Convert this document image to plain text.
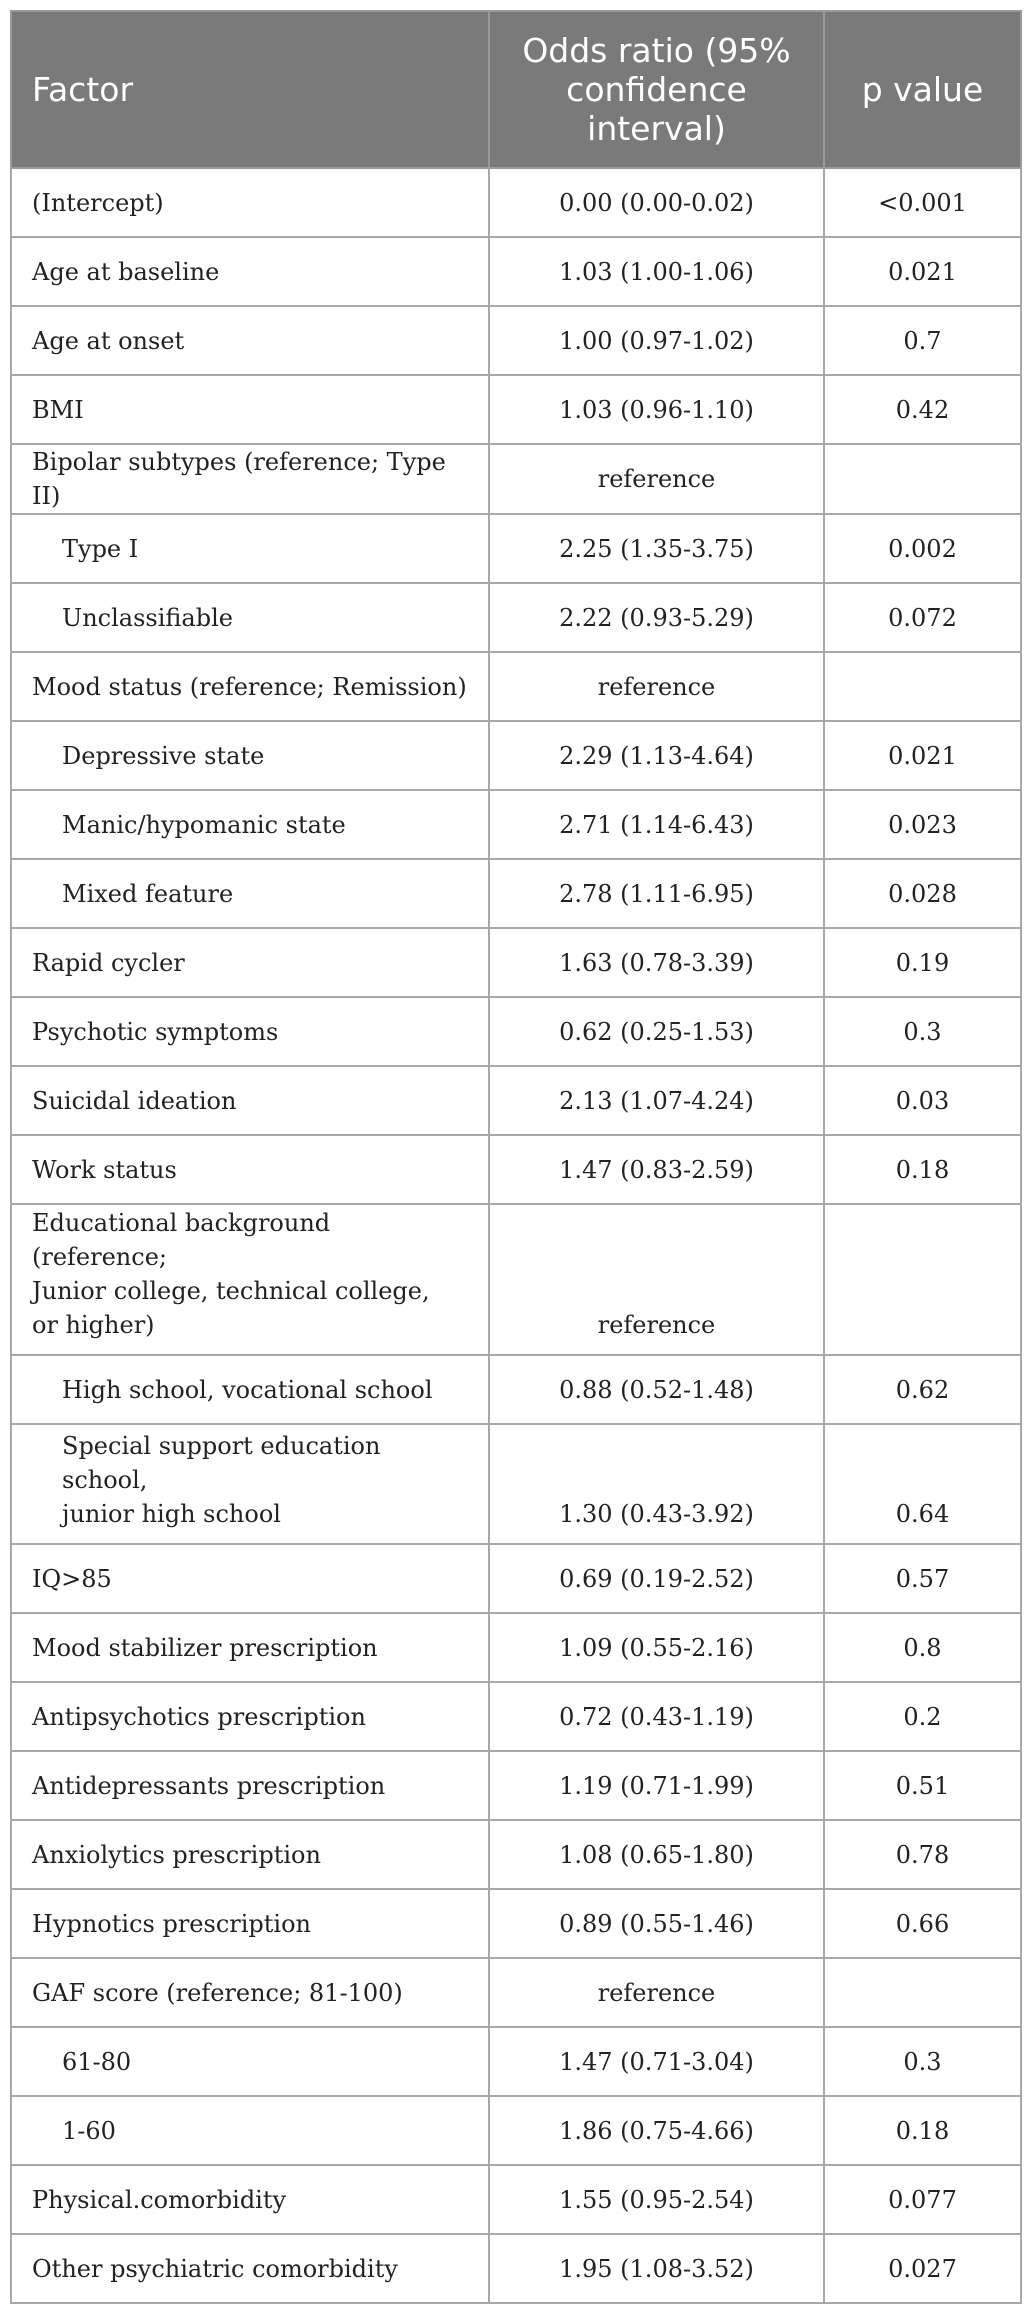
Factor	Odds ratio (95% confidence interval)	p value
(Intercept)	0.00 (0.00-0.02)	<0.001
Age at baseline	1.03 (1.00-1.06)	0.021
Age at onset	1.00 (0.97-1.02)	0.7
BMI	1.03 (0.96-1.10)	0.42
Bipolar subtypes (reference; Type II)	reference	
Type I	2.25 (1.35-3.75)	0.002
Unclassifiable	2.22 (0.93-5.29)	0.072
Mood status (reference; Remission)	reference	
Depressive state	2.29 (1.13-4.64)	0.021
Manic/hypomanic state	2.71 (1.14-6.43)	0.023
Mixed feature	2.78 (1.11-6.95)	0.028
Rapid cycler	1.63 (0.78-3.39)	0.19
Psychotic symptoms	0.62 (0.25-1.53)	0.3
Suicidal ideation	2.13 (1.07-4.24)	0.03
Work status	1.47 (0.83-2.59)	0.18
Educational background (reference;
Junior college, technical college,
or higher)	reference	
High school, vocational school	0.88 (0.52-1.48)	0.62
Special support education school,
junior high school	1.30 (0.43-3.92)	0.64
IQ>85	0.69 (0.19-2.52)	0.57
Mood stabilizer prescription	1.09 (0.55-2.16)	0.8
Antipsychotics prescription	0.72 (0.43-1.19)	0.2
Antidepressants prescription	1.19 (0.71-1.99)	0.51
Anxiolytics prescription	1.08 (0.65-1.80)	0.78
Hypnotics prescription	0.89 (0.55-1.46)	0.66
GAF score (reference; 81-100)	reference	
61-80	1.47 (0.71-3.04)	0.3
1-60	1.86 (0.75-4.66)	0.18
Physical.comorbidity	1.55 (0.95-2.54)	0.077
Other psychiatric comorbidity	1.95 (1.08-3.52)	0.027
